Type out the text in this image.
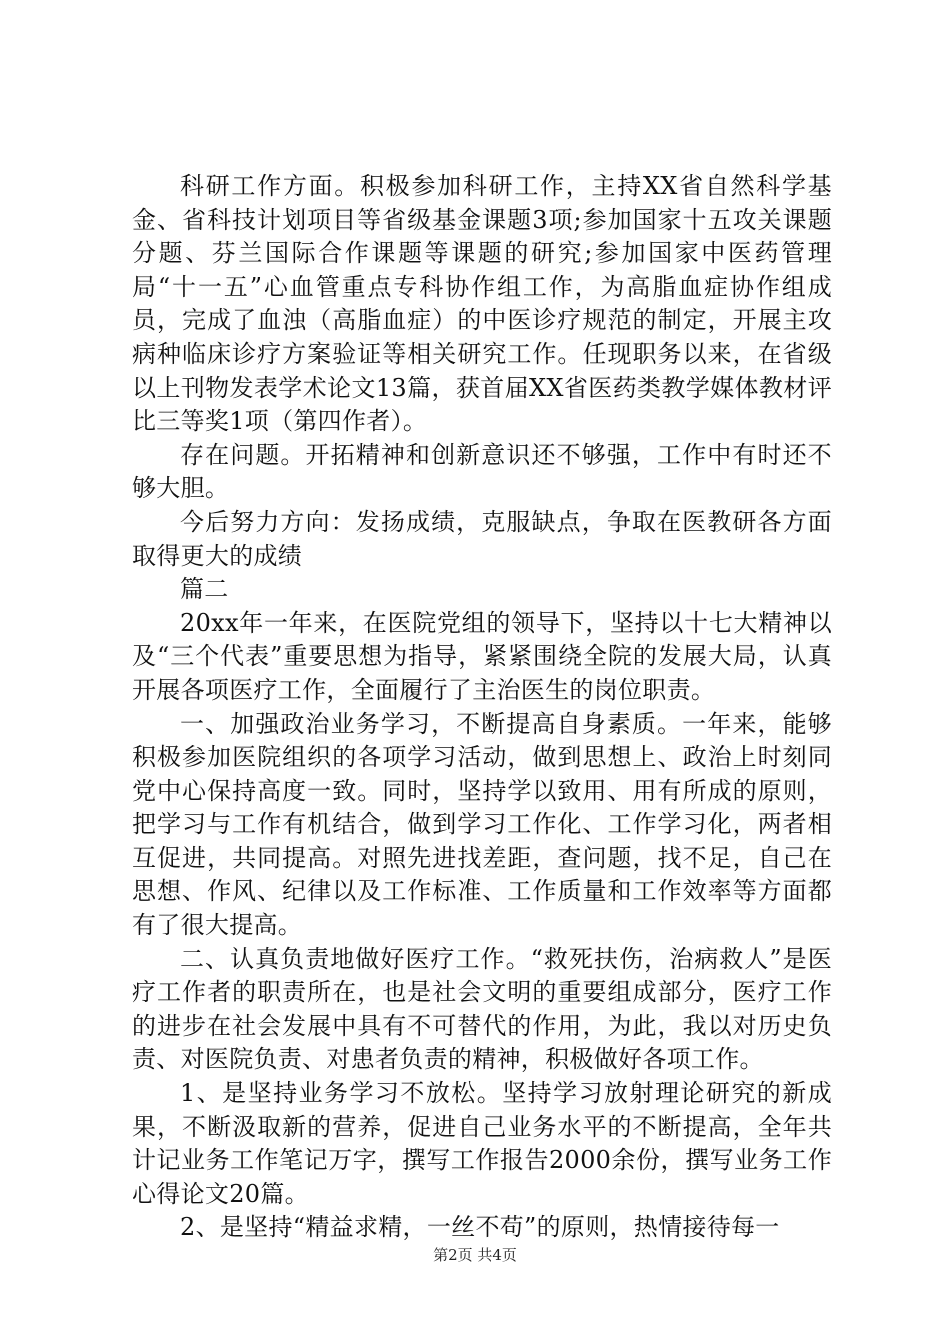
科研工作方面。积极参加科研工作，主持XX省自然科学基金、省科技计划项目等省级基金课题3项;参加国家十五攻关课题分题、芬兰国际合作课题等课题的研究;参加国家中医药管理局“十一五”心血管重点专科协作组工作，为高脂血症协作组成员，完成了血浊（高脂血症）的中医诊疗规范的制定，开展主攻病种临床诊疗方案验证等相关研究工作。任现职务以来，在省级以上刊物发表学术论文13篇，获首届XX省医药类教学媒体教材评比三等奖1项（第四作者）。

存在问题。开拓精神和创新意识还不够强，工作中有时还不够大胆。

今后努力方向：发扬成绩，克服缺点，争取在医教研各方面取得更大的成绩

篇二

20xx年一年来，在医院党组的领导下，坚持以十七大精神以及“三个代表”重要思想为指导，紧紧围绕全院的发展大局，认真开展各项医疗工作，全面履行了主治医生的岗位职责。

一、加强政治业务学习，不断提高自身素质。一年来，能够积极参加医院组织的各项学习活动，做到思想上、政治上时刻同党中心保持高度一致。同时，坚持学以致用、用有所成的原则，把学习与工作有机结合，做到学习工作化、工作学习化，两者相互促进，共同提高。对照先进找差距，查问题，找不足，自己在思想、作风、纪律以及工作标准、工作质量和工作效率等方面都有了很大提高。

二、认真负责地做好医疗工作。“救死扶伤，治病救人”是医疗工作者的职责所在，也是社会文明的重要组成部分，医疗工作的进步在社会发展中具有不可替代的作用，为此，我以对历史负责、对医院负责、对患者负责的精神，积极做好各项工作。

1、是坚持业务学习不放松。坚持学习放射理论研究的新成果，不断汲取新的营养，促进自己业务水平的不断提高，全年共计记业务工作笔记万字，撰写工作报告2000余份，撰写业务工作心得论文20篇。

2、是坚持“精益求精，一丝不苟”的原则，热情接待每一

第2页 共4页
